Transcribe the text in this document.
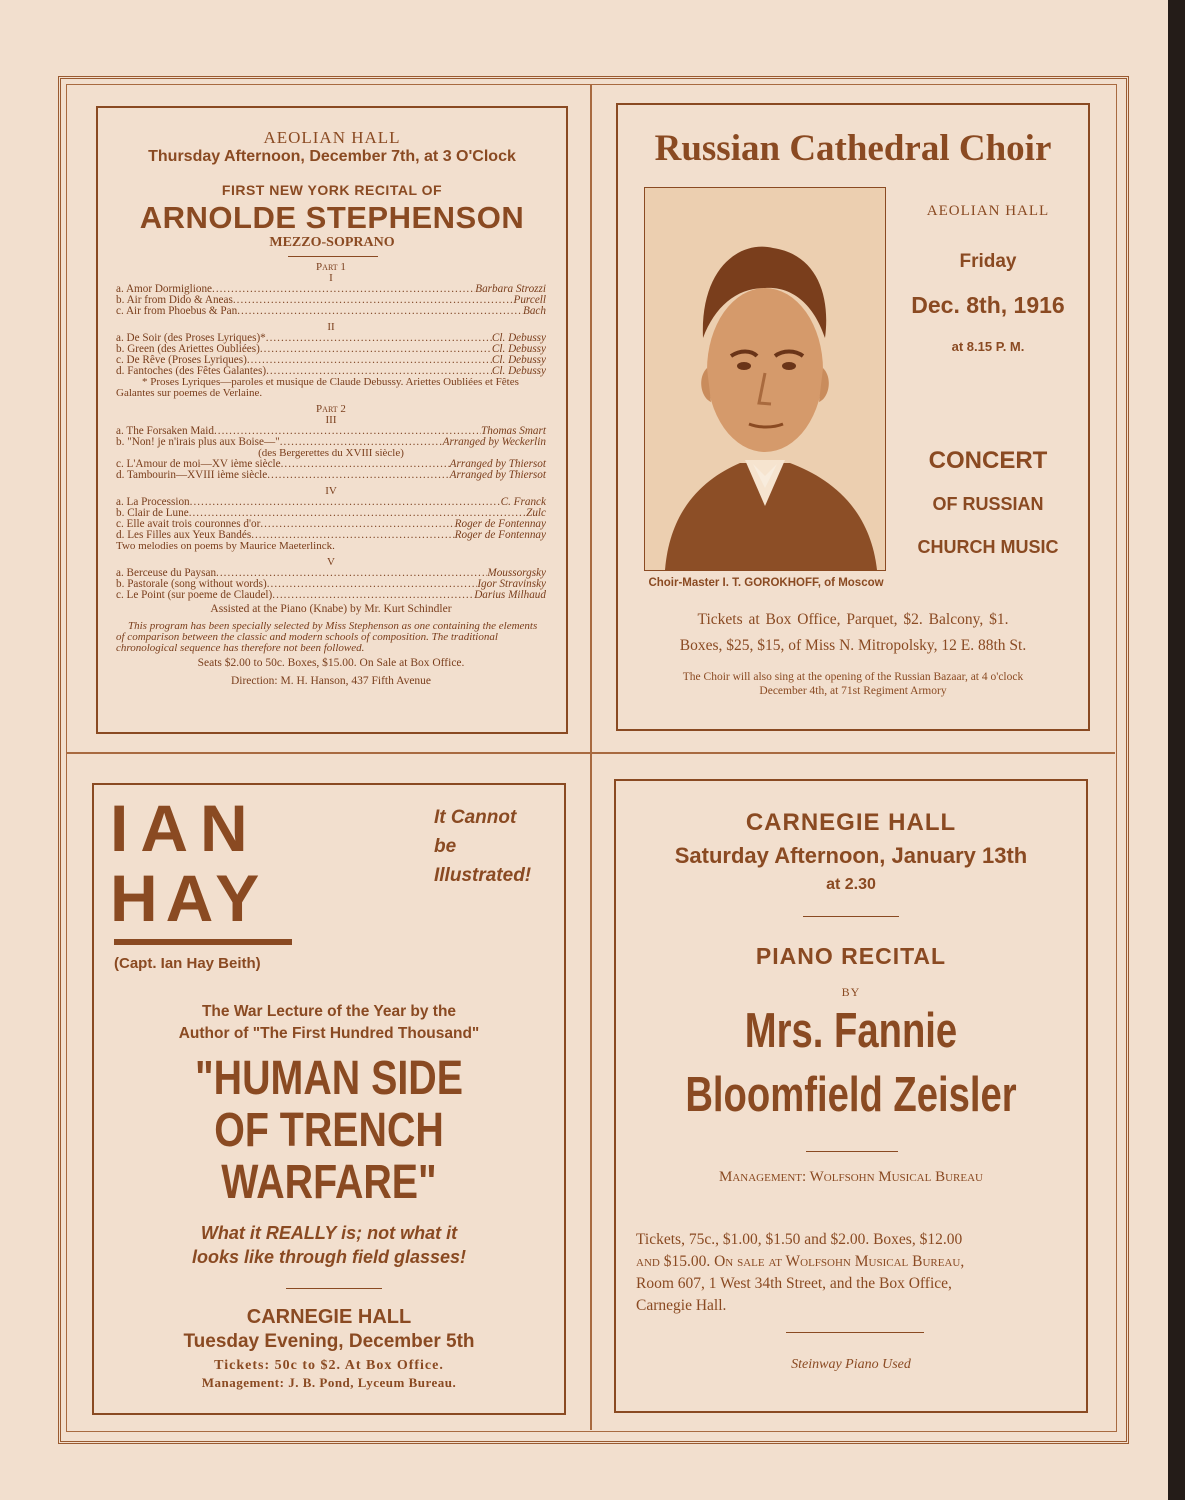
AEOLIAN HALL
Thursday Afternoon, December 7th, at 3 O'Clock
FIRST NEW YORK RECITAL OF
ARNOLDE STEPHENSON
MEZZO-SOPRANO
Part 1
I
a. Amor Dormiglione .....	Barbara Strozzi
b. Air from Dido & Aneas .....	Purcell
c. Air from Phoebus & Pan .....	Bach
II
a. De Soir (des Proses Lyriques)* .....	Cl. Debussy
b. Green (des Ariettes Oubliées) .....	Cl. Debussy
c. De Rêve (Proses Lyriques) .....	Cl. Debussy
d. Fantoches (des Fêtes Galantes) .....	Cl. Debussy
* Proses Lyriques—paroles et musique de Claude Debussy. Ariettes Oubliées et Fêtes Galantes sur poemes de Verlaine.
Part 2
III
a. The Forsaken Maid .....	Thomas Smart
b. "Non! je n'irais plus aux Boise—" .....	Arranged by Weckerlin
(des Bergerettes du XVIII siècle)
c. L'Amour de moi—XV ième siècle .....	Arranged by Thiersot
d. Tambourin—XVIII ième siècle .....	Arranged by Thiersot
IV
a. La Procession .....	C. Franck
b. Clair de Lune .....	Zulc
c. Elle avait trois couronnes d'or .....	Roger de Fontennay
d. Les Filles aux Yeux Bandés .....	Roger de Fontennay
Two melodies on poems by Maurice Maeterlinck.
V
a. Berceuse du Paysan .....	Moussorgsky
b. Pastorale (song without words) .....	Igor Stravinsky
c. Le Point (sur poeme de Claudel) .....	Darius Milhaud
Assisted at the Piano (Knabe) by Mr. Kurt Schindler
This program has been specially selected by Miss Stephenson as one containing the elements of comparison between the classic and modern schools of composition. The traditional chronological sequence has therefore not been followed.
Seats $2.00 to 50c. Boxes, $15.00. On Sale at Box Office.
Direction: M. H. Hanson, 437 Fifth Avenue
Russian Cathedral Choir
Choir-Master I. T. GOROKHOFF, of Moscow
AEOLIAN HALL
Friday
Dec. 8th, 1916
at 8.15 P. M.
CONCERT
OF RUSSIAN
CHURCH MUSIC
Tickets at Box Office, Parquet, $2. Balcony, $1.
Boxes, $25, $15, of Miss N. Mitropolsky, 12 E. 88th St.
The Choir will also sing at the opening of the Russian Bazaar, at 4 o'clock
December 4th, at 71st Regiment Armory
IAN
HAY
(Capt. Ian Hay Beith)
It Cannot
be
Illustrated!
The War Lecture of the Year by the
Author of "The First Hundred Thousand"
"HUMAN SIDE
OF TRENCH
WARFARE"
What it REALLY is; not what it
looks like through field glasses!
CARNEGIE HALL
Tuesday Evening, December 5th
Tickets: 50c to $2. At Box Office.
Management: J. B. Pond, Lyceum Bureau.
CARNEGIE HALL
Saturday Afternoon, January 13th
at 2.30
PIANO RECITAL
BY
Mrs. Fannie
Bloomfield Zeisler
Management: Wolfsohn Musical Bureau
Tickets, 75c., $1.00, $1.50 and $2.00. Boxes, $12.00
and $15.00. On sale at Wolfsohn Musical Bureau,
Room 607, 1 West 34th Street, and the Box Office,
Carnegie Hall.
Steinway Piano Used
